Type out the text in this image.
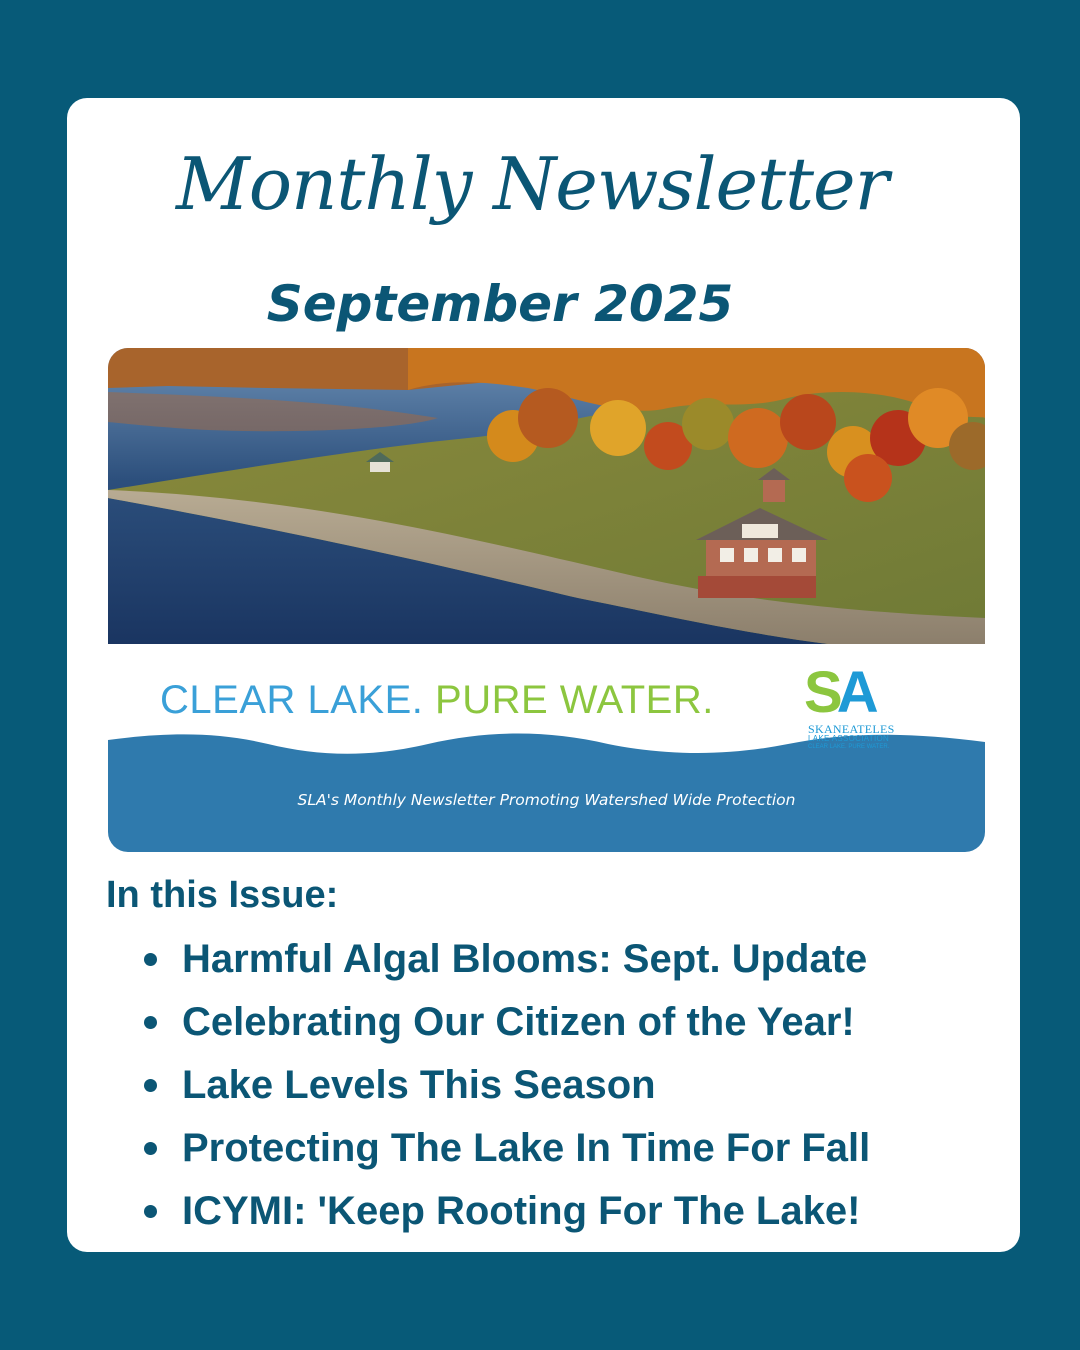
Monthly Newsletter
September 2025
CLEAR LAKE. PURE WATER. SA
SKANEATELES
LAKE ASSOCIATION
CLEAR LAKE. PURE WATER.
SLA's Monthly Newsletter Promoting Watershed Wide Protection
In this Issue:
Harmful Algal Blooms: Sept. Update
Celebrating Our Citizen of the Year!
Lake Levels This Season
Protecting The Lake In Time For Fall
ICYMI: 'Keep Rooting For The Lake!
